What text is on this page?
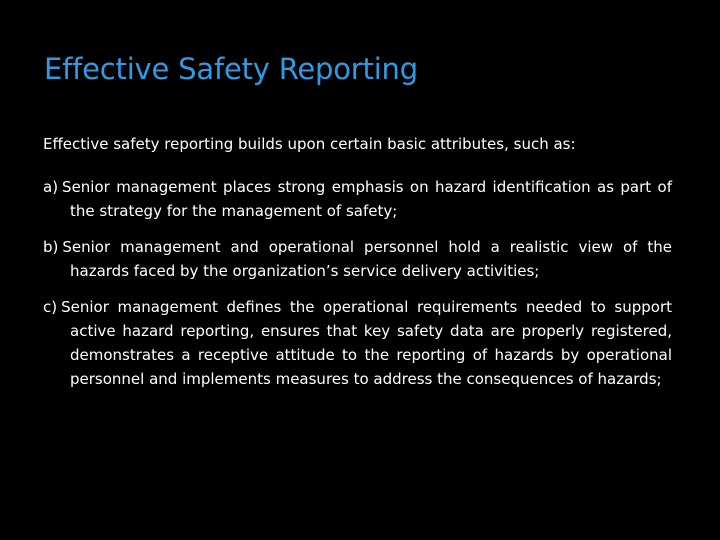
Effective Safety Reporting

Effective safety reporting builds upon certain basic attributes, such as:

a) Senior management places strong emphasis on hazard identification as part of the strategy for the management of safety;

b) Senior management and operational personnel hold a realistic view of the hazards faced by the organization’s service delivery activities;

c) Senior management defines the operational requirements needed to support active hazard reporting, ensures that key safety data are properly registered, demonstrates a receptive attitude to the reporting of hazards by operational personnel and implements measures to address the consequences of hazards;
